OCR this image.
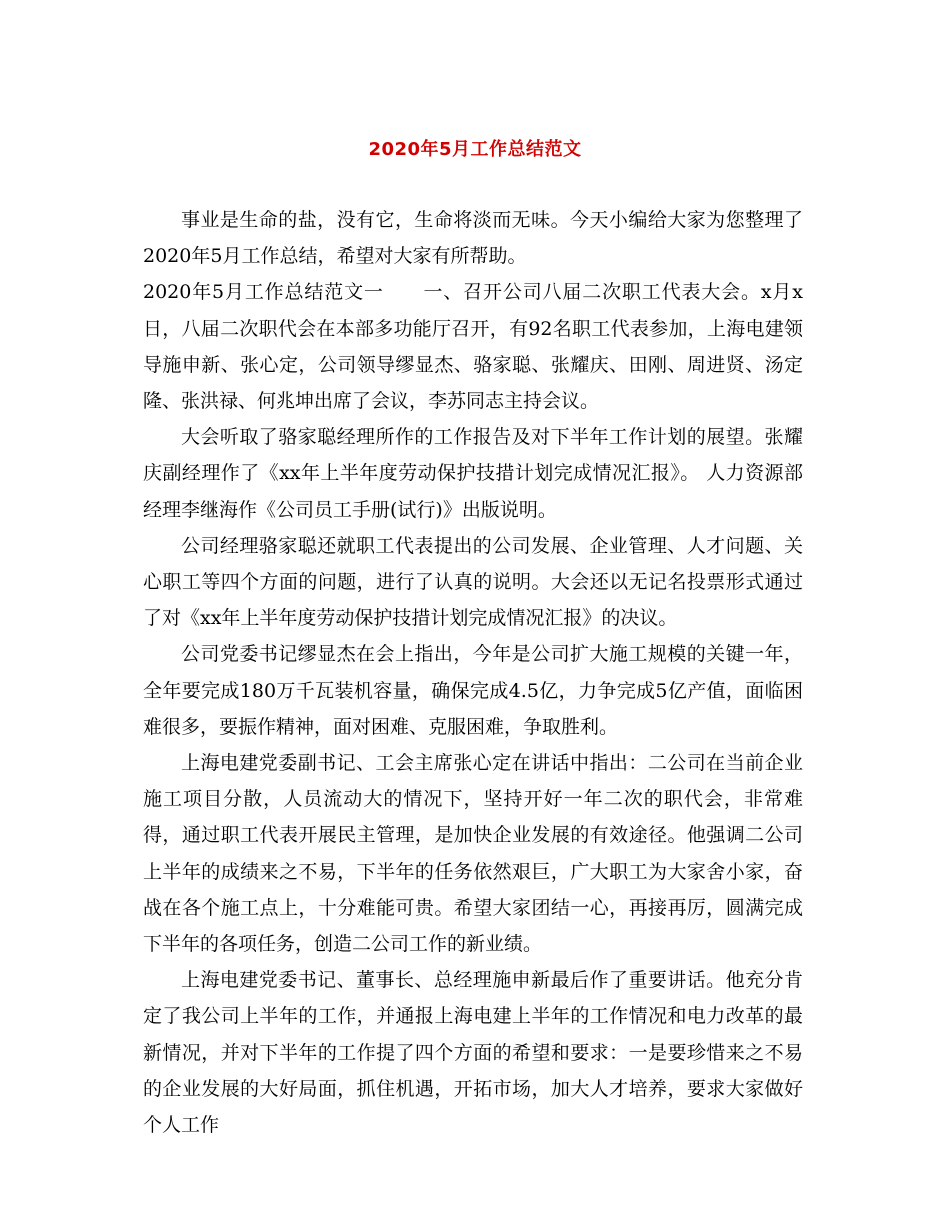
2020年5月工作总结范文

事业是生命的盐，没有它，生命将淡而无味。今天小编给大家为您整理了2020年5月工作总结，希望对大家有所帮助。

2020年5月工作总结范文一　　一、召开公司八届二次职工代表大会。x月x日，八届二次职代会在本部多功能厅召开，有92名职工代表参加，上海电建领导施申新、张心定，公司领导缪显杰、骆家聪、张耀庆、田刚、周进贤、汤定隆、张洪禄、何兆坤出席了会议，李苏同志主持会议。

大会听取了骆家聪经理所作的工作报告及对下半年工作计划的展望。张耀庆副经理作了《xx年上半年度劳动保护技措计划完成情况汇报》。 人力资源部经理李继海作《公司员工手册(试行)》出版说明。

公司经理骆家聪还就职工代表提出的公司发展、企业管理、人才问题、关心职工等四个方面的问题，进行了认真的说明。大会还以无记名投票形式通过了对《xx年上半年度劳动保护技措计划完成情况汇报》的决议。

公司党委书记缪显杰在会上指出，今年是公司扩大施工规模的关键一年，全年要完成180万千瓦装机容量，确保完成4.5亿，力争完成5亿产值，面临困难很多，要振作精神，面对困难、克服困难，争取胜利。

上海电建党委副书记、工会主席张心定在讲话中指出：二公司在当前企业施工项目分散，人员流动大的情况下，坚持开好一年二次的职代会，非常难得，通过职工代表开展民主管理，是加快企业发展的有效途径。他强调二公司上半年的成绩来之不易，下半年的任务依然艰巨，广大职工为大家舍小家，奋战在各个施工点上，十分难能可贵。希望大家团结一心，再接再厉，圆满完成下半年的各项任务，创造二公司工作的新业绩。

上海电建党委书记、董事长、总经理施申新最后作了重要讲话。他充分肯定了我公司上半年的工作，并通报上海电建上半年的工作情况和电力改革的最新情况，并对下半年的工作提了四个方面的希望和要求：一是要珍惜来之不易的企业发展的大好局面，抓住机遇，开拓市场，加大人才培养，要求大家做好个人工作
